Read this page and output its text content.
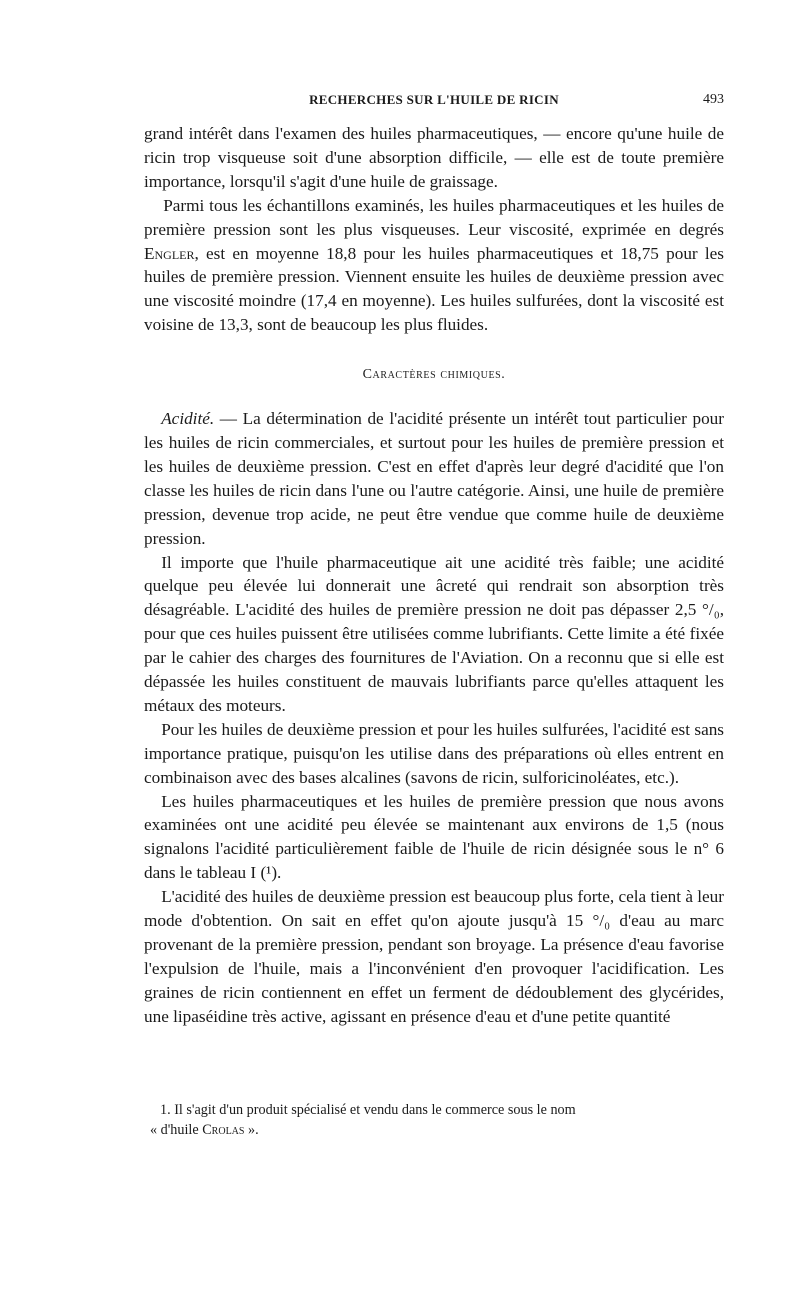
RECHERCHES SUR L'HUILE DE RICIN	493

grand intérêt dans l'examen des huiles pharmaceutiques, — encore qu'une huile de ricin trop visqueuse soit d'une absorption difficile, — elle est de toute première importance, lorsqu'il s'agit d'une huile de graissage.

 Parmi tous les échantillons examinés, les huiles pharmaceutiques et les huiles de première pression sont les plus visqueuses. Leur viscosité, exprimée en degrés Engler, est en moyenne 18,8 pour les huiles pharmaceutiques et 18,75 pour les huiles de première pression. Viennent ensuite les huiles de deuxième pression avec une viscosité moindre (17,4 en moyenne). Les huiles sulfurées, dont la viscosité est voisine de 13,3, sont de beaucoup les plus fluides.

Caractères chimiques.

 Acidité. — La détermination de l'acidité présente un intérêt tout particulier pour les huiles de ricin commerciales, et surtout pour les huiles de première pression et les huiles de deuxième pression. C'est en effet d'après leur degré d'acidité que l'on classe les huiles de ricin dans l'une ou l'autre catégorie. Ainsi, une huile de première pression, devenue trop acide, ne peut être vendue que comme huile de deuxième pression.

 Il importe que l'huile pharmaceutique ait une acidité très faible; une acidité quelque peu élevée lui donnerait une âcreté qui rendrait son absorption très désagréable. L'acidité des huiles de première pression ne doit pas dépasser 2,5 °/₀, pour que ces huiles puissent être utilisées comme lubrifiants. Cette limite a été fixée par le cahier des charges des fournitures de l'Aviation. On a reconnu que si elle est dépassée les huiles constituent de mauvais lubrifiants parce qu'elles attaquent les métaux des moteurs.

 Pour les huiles de deuxième pression et pour les huiles sulfurées, l'acidité est sans importance pratique, puisqu'on les utilise dans des préparations où elles entrent en combinaison avec des bases alcalines (savons de ricin, sulforicinoléates, etc.).

 Les huiles pharmaceutiques et les huiles de première pression que nous avons examinées ont une acidité peu élevée se maintenant aux environs de 1,5 (nous signalons l'acidité particulièrement faible de l'huile de ricin désignée sous le n° 6 dans le tableau I (¹).

 L'acidité des huiles de deuxième pression est beaucoup plus forte, cela tient à leur mode d'obtention. On sait en effet qu'on ajoute jusqu'à 15 °/₀ d'eau au marc provenant de la première pression, pendant son broyage. La présence d'eau favorise l'expulsion de l'huile, mais a l'inconvénient d'en provoquer l'acidification. Les graines de ricin contiennent en effet un ferment de dédoublement des glycérides, une lipaséidine très active, agissant en présence d'eau et d'une petite quantité

1. Il s'agit d'un produit spécialisé et vendu dans le commerce sous le nom
« d'huile Crolas ».
